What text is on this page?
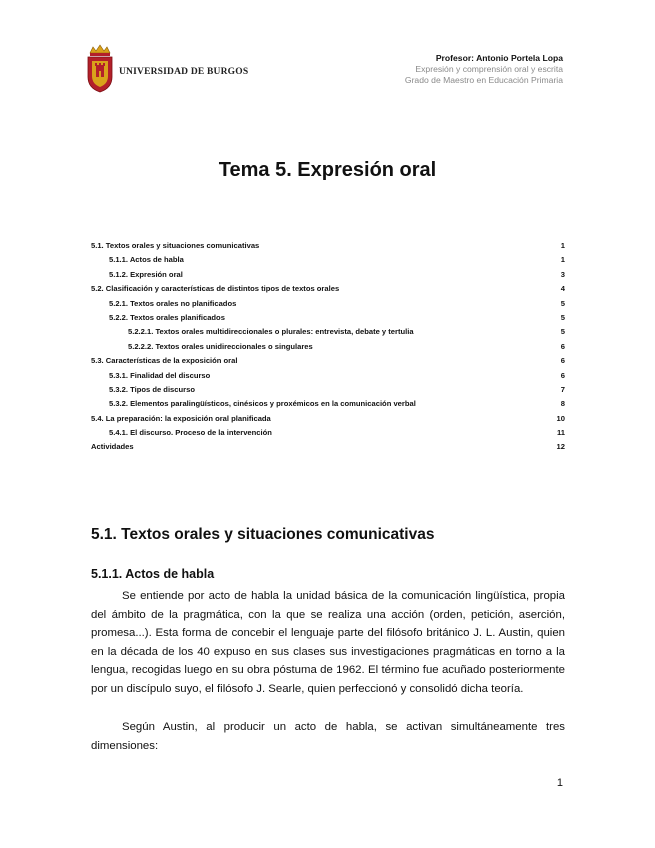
UNIVERSIDAD DE BURGOS
Profesor: Antonio Portela Lopa
Expresión y comprensión oral y escrita
Grado de Maestro en Educación Primaria
Tema 5. Expresión oral
5.1. Textos orales y situaciones comunicativas	1
5.1.1. Actos de habla	1
5.1.2. Expresión oral	3
5.2. Clasificación y características de distintos tipos de textos orales	4
5.2.1. Textos orales no planificados	5
5.2.2. Textos orales planificados	5
5.2.2.1. Textos orales multidireccionales o plurales: entrevista, debate y tertulia	5
5.2.2.2. Textos orales unidireccionales o singulares	6
5.3. Características de la exposición oral	6
5.3.1. Finalidad del discurso	6
5.3.2. Tipos de discurso	7
5.3.2. Elementos paralingüísticos, cinésicos y proxémicos en la comunicación verbal	8
5.4. La preparación: la exposición oral planificada	10
5.4.1. El discurso. Proceso de la intervención	11
Actividades	12
5.1. Textos orales y situaciones comunicativas
5.1.1. Actos de habla

Se entiende por acto de habla la unidad básica de la comunicación lingüística, propia del ámbito de la pragmática, con la que se realiza una acción (orden, petición, aserción, promesa...). Esta forma de concebir el lenguaje parte del filósofo británico J. L. Austin, quien en la década de los 40 expuso en sus clases sus investigaciones pragmáticas en torno a la lengua, recogidas luego en su obra póstuma de 1962. El término fue acuñado posteriormente por un discípulo suyo, el filósofo J. Searle, quien perfeccionó y consolidó dicha teoría.

Según Austin, al producir un acto de habla, se activan simultáneamente tres dimensiones:

1
